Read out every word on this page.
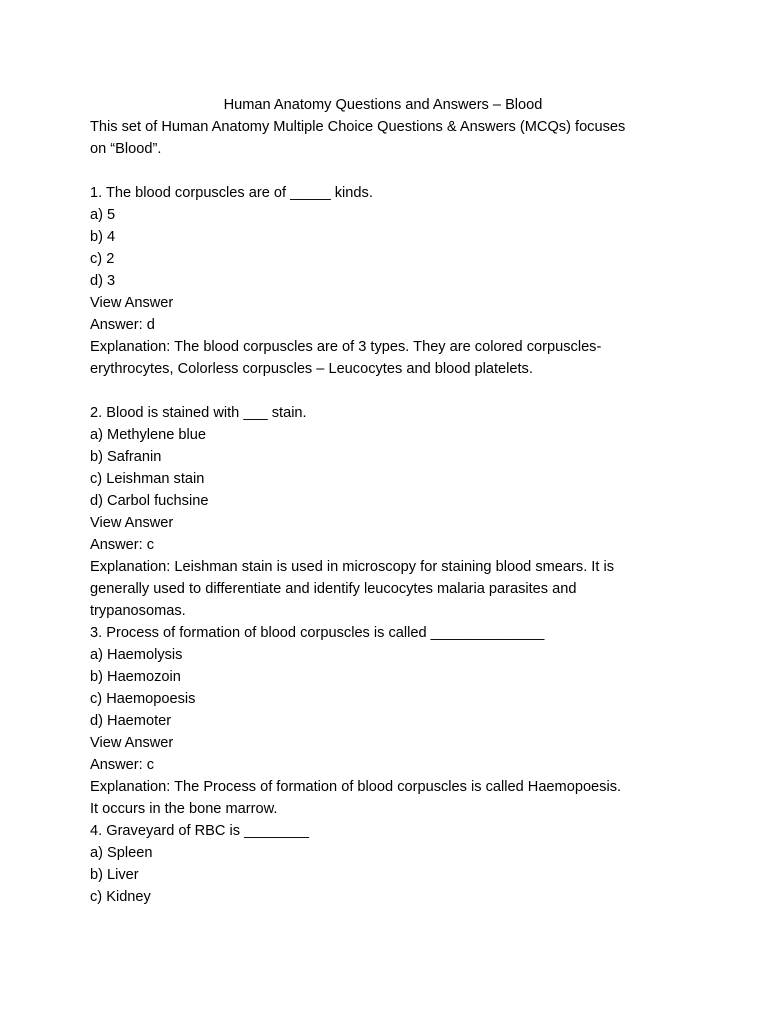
Human Anatomy Questions and Answers – Blood
This set of Human Anatomy Multiple Choice Questions & Answers (MCQs) focuses
on “Blood”.
1. The blood corpuscles are of _____ kinds.
a) 5
b) 4
c) 2
d) 3
View Answer
Answer: d
Explanation: The blood corpuscles are of 3 types. They are colored corpuscles-
erythrocytes, Colorless corpuscles – Leucocytes and blood platelets.
2. Blood is stained with ___ stain.
a) Methylene blue
b) Safranin
c) Leishman stain
d) Carbol fuchsine
View Answer
Answer: c
Explanation: Leishman stain is used in microscopy for staining blood smears. It is
generally used to differentiate and identify leucocytes malaria parasites and
trypanosomas.
3. Process of formation of blood corpuscles is called ______________
a) Haemolysis
b) Haemozoin
c) Haemopoesis
d) Haemoter
View Answer
Answer: c
Explanation: The Process of formation of blood corpuscles is called Haemopoesis.
It occurs in the bone marrow.
4. Graveyard of RBC is ________
a) Spleen
b) Liver
c) Kidney
